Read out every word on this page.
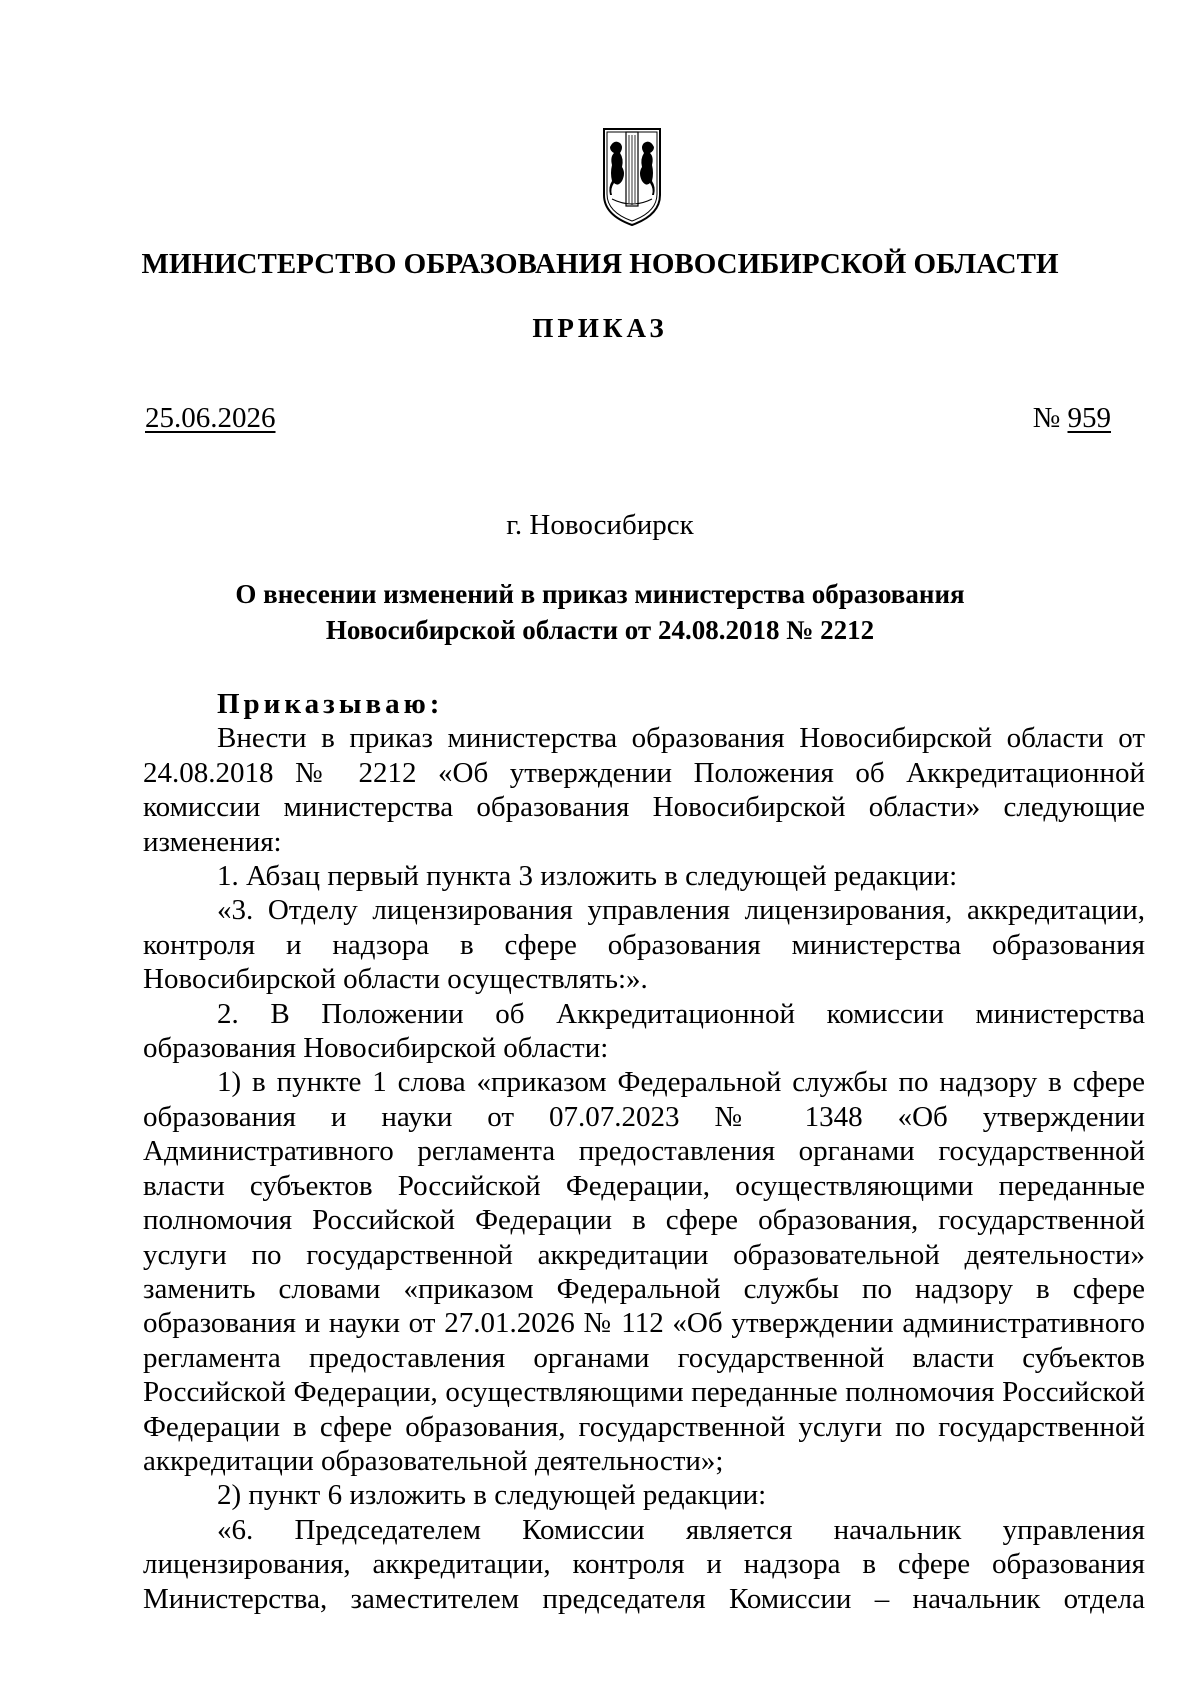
МИНИСТЕРСТВО ОБРАЗОВАНИЯ НОВОСИБИРСКОЙ ОБЛАСТИ
ПРИКАЗ
25.06.2026	№ 959
г. Новосибирск
О внесении изменений в приказ министерства образования
Новосибирской области от 24.08.2018 № 2212

Приказываю:

Внести в приказ министерства образования Новосибирской области от 24.08.2018 № 2212 «Об утверждении Положения об Аккредитационной комиссии министерства образования Новосибирской области» следующие изменения:

1. Абзац первый пункта 3 изложить в следующей редакции:

«3. Отделу лицензирования управления лицензирования, аккредитации, контроля и надзора в сфере образования министерства образования Новосибирской области осуществлять:».

2. В Положении об Аккредитационной комиссии министерства образования Новосибирской области:

1) в пункте 1 слова «приказом Федеральной службы по надзору в сфере образования и науки от 07.07.2023 № 1348 «Об утверждении Административного регламента предоставления органами государственной власти субъектов Российской Федерации, осуществляющими переданные полномочия Российской Федерации в сфере образования, государственной услуги по государственной аккредитации образовательной деятельности» заменить словами «приказом Федеральной службы по надзору в сфере образования и науки от 27.01.2026 № 112 «Об утверждении административного регламента предоставления органами государственной власти субъектов Российской Федерации, осуществляющими переданные полномочия Российской Федерации в сфере образования, государственной услуги по государственной аккредитации образовательной деятельности»;

2) пункт 6 изложить в следующей редакции:

«6. Председателем Комиссии является начальник управления лицензирования, аккредитации, контроля и надзора в сфере образования Министерства, заместителем председателя Комиссии – начальник отдела
